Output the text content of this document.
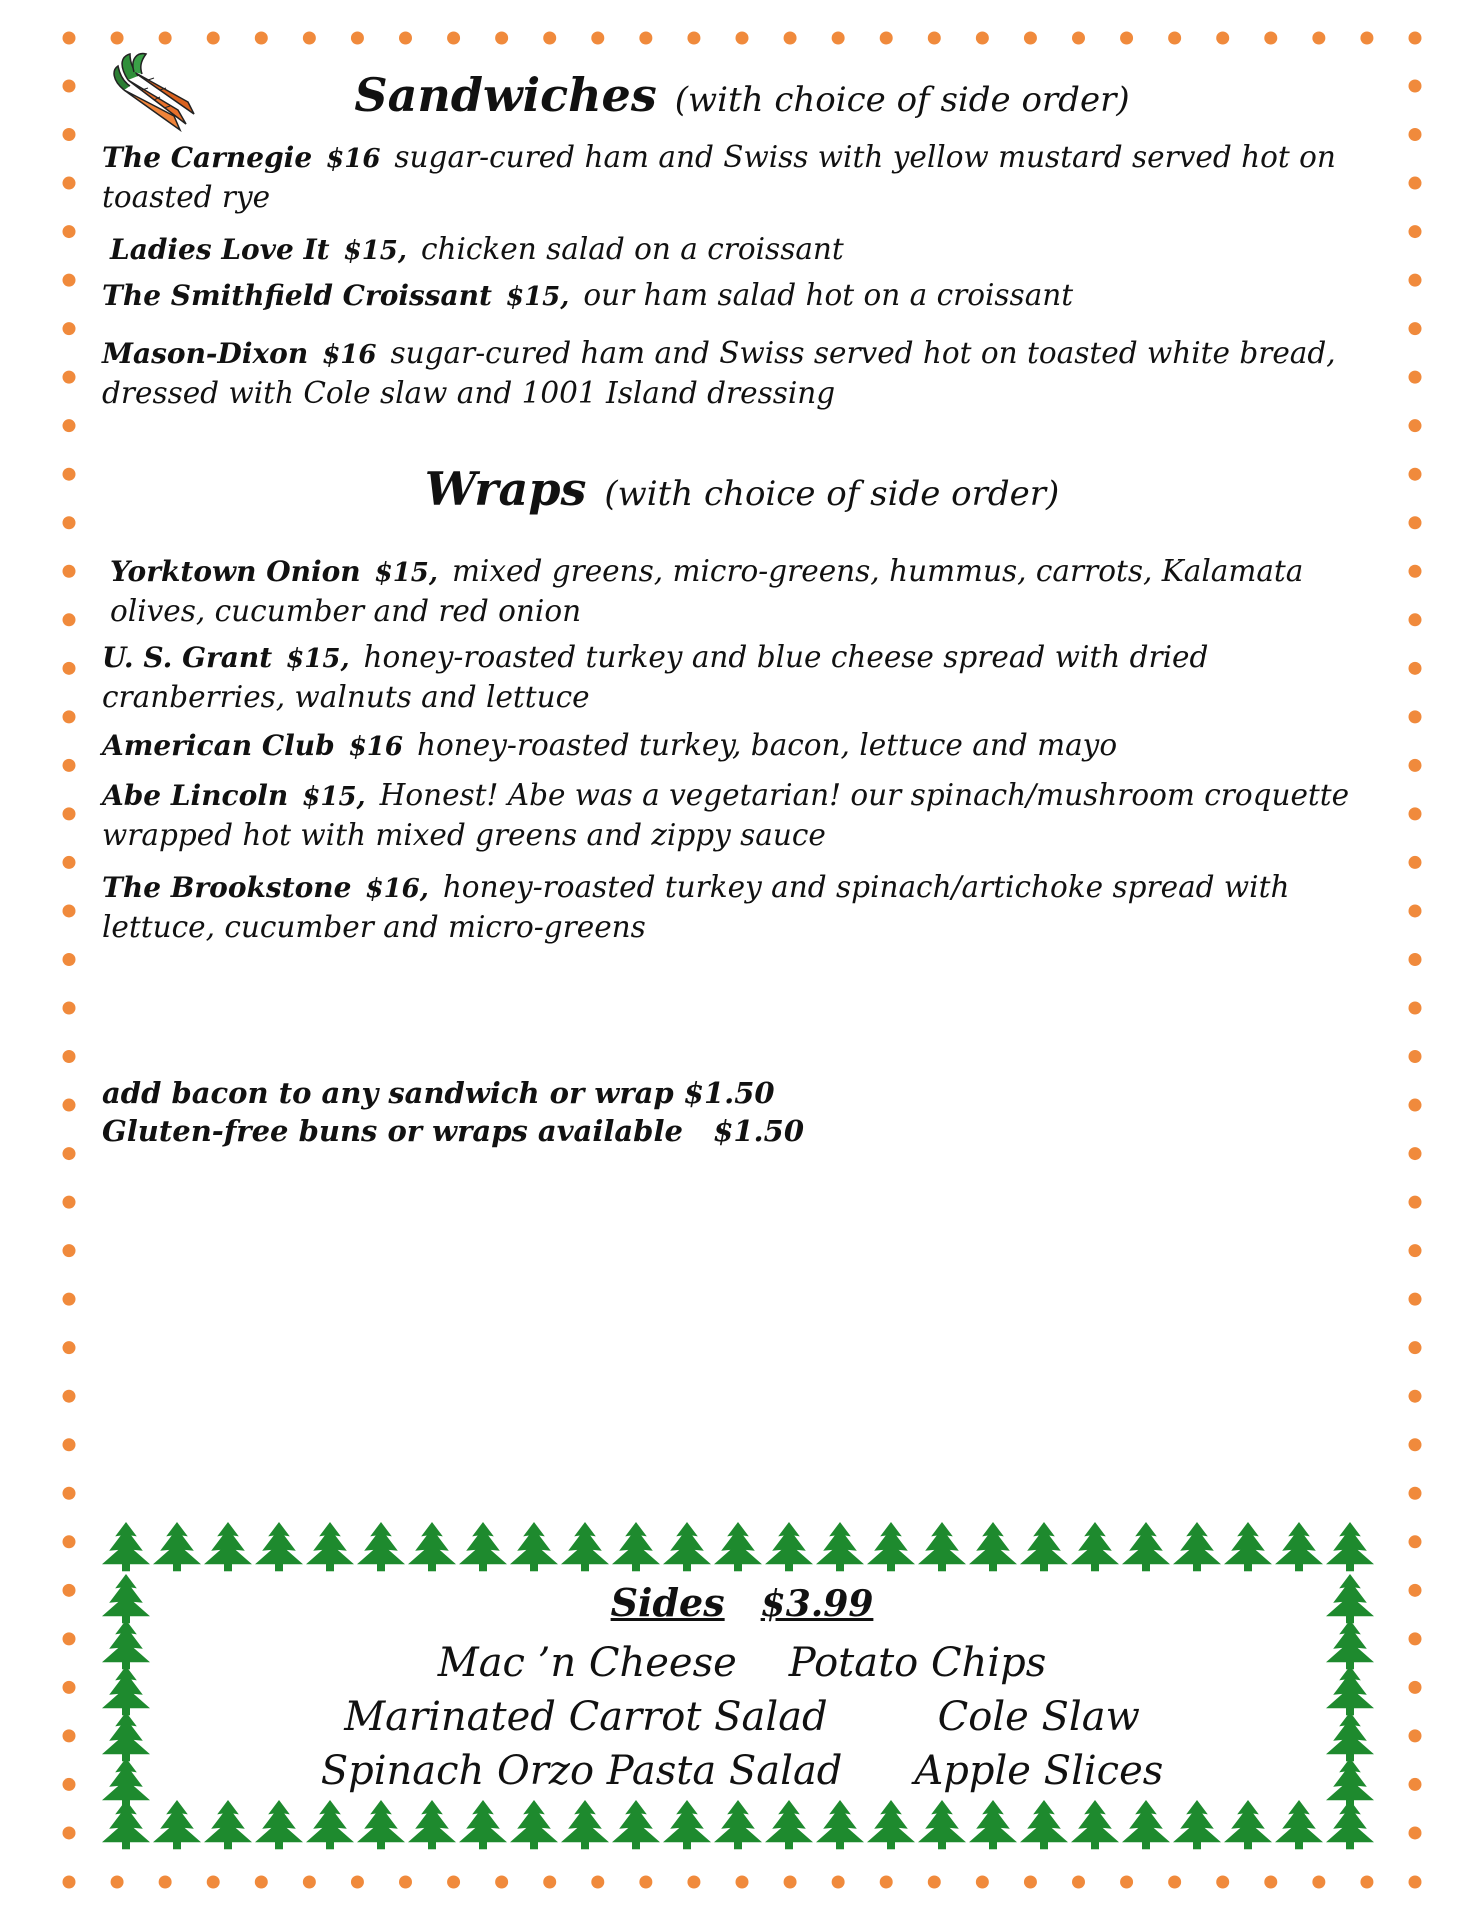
Sandwiches (with choice of side order)
The Carnegie $16 sugar-cured ham and Swiss with yellow mustard served hot on toasted rye
Ladies Love It $15, chicken salad on a croissant
The Smithfield Croissant $15, our ham salad hot on a croissant
Mason-Dixon $16 sugar-cured ham and Swiss served hot on toasted white bread, dressed with Cole slaw and 1001 Island dressing
Wraps (with choice of side order)
Yorktown Onion $15, mixed greens, micro-greens, hummus, carrots, Kalamata olives, cucumber and red onion
U. S. Grant $15, honey-roasted turkey and blue cheese spread with dried cranberries, walnuts and lettuce
American Club $16 honey-roasted turkey, bacon, lettuce and mayo
Abe Lincoln $15, Honest! Abe was a vegetarian! our spinach/mushroom croquette wrapped hot with mixed greens and zippy sauce
The Brookstone $16, honey-roasted turkey and spinach/artichoke spread with lettuce, cucumber and micro-greens
add bacon to any sandwich or wrap $1.50
Gluten-free buns or wraps available   $1.50
Sides $3.99
Mac ’n Cheese Potato Chips
Marinated Carrot Salad	Cole Slaw
Spinach Orzo Pasta Salad Apple Slices
